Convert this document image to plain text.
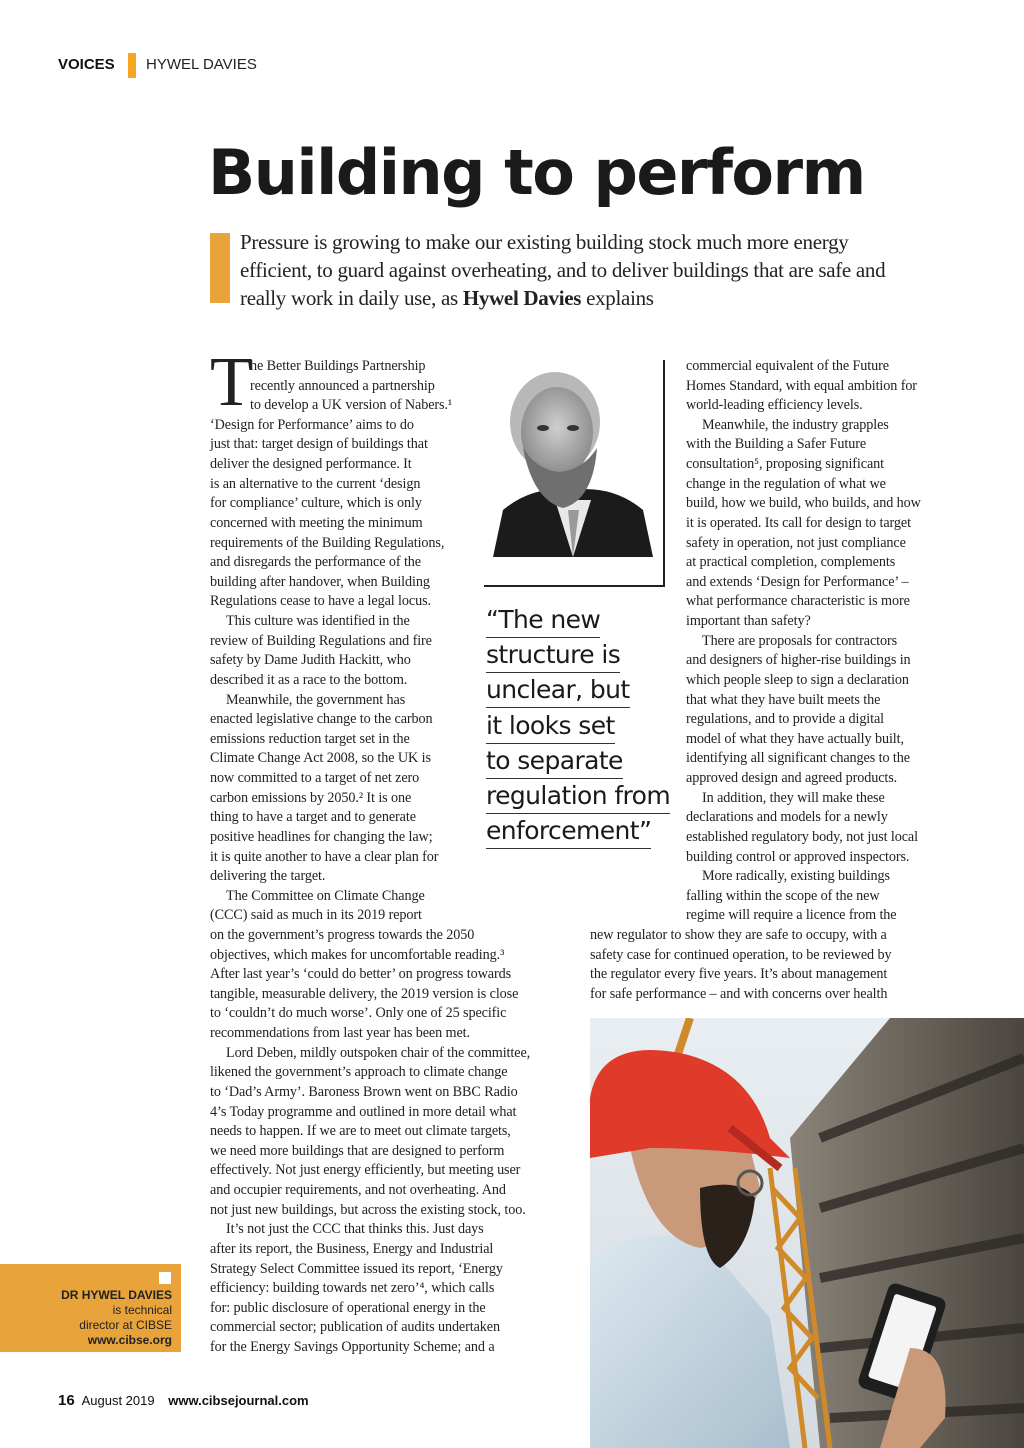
VOICES HYWEL DAVIES
Building to perform
Pressure is growing to make our existing building stock much more energy efficient, to guard against overheating, and to deliver buildings that are safe and really work in daily use, as Hywel Davies explains
T
he Better Buildings Partnership
recently announced a partnership
to develop a UK version of Nabers.¹
‘Design for Performance’ aims to do
just that: target design of buildings that
deliver the designed performance. It
is an alternative to the current ‘design
for compliance’ culture, which is only
concerned with meeting the minimum
requirements of the Building Regulations,
and disregards the performance of the
building after handover, when Building
Regulations cease to have a legal locus.
This culture was identified in the
review of Building Regulations and fire
safety by Dame Judith Hackitt, who
described it as a race to the bottom.
Meanwhile, the government has
enacted legislative change to the carbon
emissions reduction target set in the
Climate Change Act 2008, so the UK is
now committed to a target of net zero
carbon emissions by 2050.² It is one
thing to have a target and to generate
positive headlines for changing the law;
it is quite another to have a clear plan for
delivering the target.
The Committee on Climate Change
(CCC) said as much in its 2019 report
on the government’s progress towards the 2050
objectives, which makes for uncomfortable reading.³
After last year’s ‘could do better’ on progress towards
tangible, measurable delivery, the 2019 version is close
to ‘couldn’t do much worse’. Only one of 25 specific
recommendations from last year has been met.
Lord Deben, mildly outspoken chair of the committee,
likened the government’s approach to climate change
to ‘Dad’s Army’. Baroness Brown went on BBC Radio
4’s Today programme and outlined in more detail what
needs to happen. If we are to meet out climate targets,
we need more buildings that are designed to perform
effectively. Not just energy efficiently, but meeting user
and occupier requirements, and not overheating. And
not just new buildings, but across the existing stock, too.
It’s not just the CCC that thinks this. Just days
after its report, the Business, Energy and Industrial
Strategy Select Committee issued its report, ‘Energy
efficiency: building towards net zero’⁴, which calls
for: public disclosure of operational energy in the
commercial sector; publication of audits undertaken
for the Energy Savings Opportunity Scheme; and a
commercial equivalent of the Future
Homes Standard, with equal ambition for
world-leading efficiency levels.
Meanwhile, the industry grapples
with the Building a Safer Future
consultation⁵, proposing significant
change in the regulation of what we
build, how we build, who builds, and how
it is operated. Its call for design to target
safety in operation, not just compliance
at practical completion, complements
and extends ‘Design for Performance’ –
what performance characteristic is more
important than safety?
There are proposals for contractors
and designers of higher-rise buildings in
which people sleep to sign a declaration
that what they have built meets the
regulations, and to provide a digital
model of what they have actually built,
identifying all significant changes to the
approved design and agreed products.
In addition, they will make these
declarations and models for a newly
established regulatory body, not just local
building control or approved inspectors.
More radically, existing buildings
falling within the scope of the new
regime will require a licence from the
new regulator to show they are safe to occupy, with a
safety case for continued operation, to be reviewed by
the regulator every five years. It’s about management
for safe performance – and with concerns over health
“The new
structure is
unclear, but
it looks set
to separate
regulation from
enforcement”
DR HYWEL DAVIES
is technical
director at CIBSE
www.cibse.org
16 August 2019 www.cibsejournal.com
